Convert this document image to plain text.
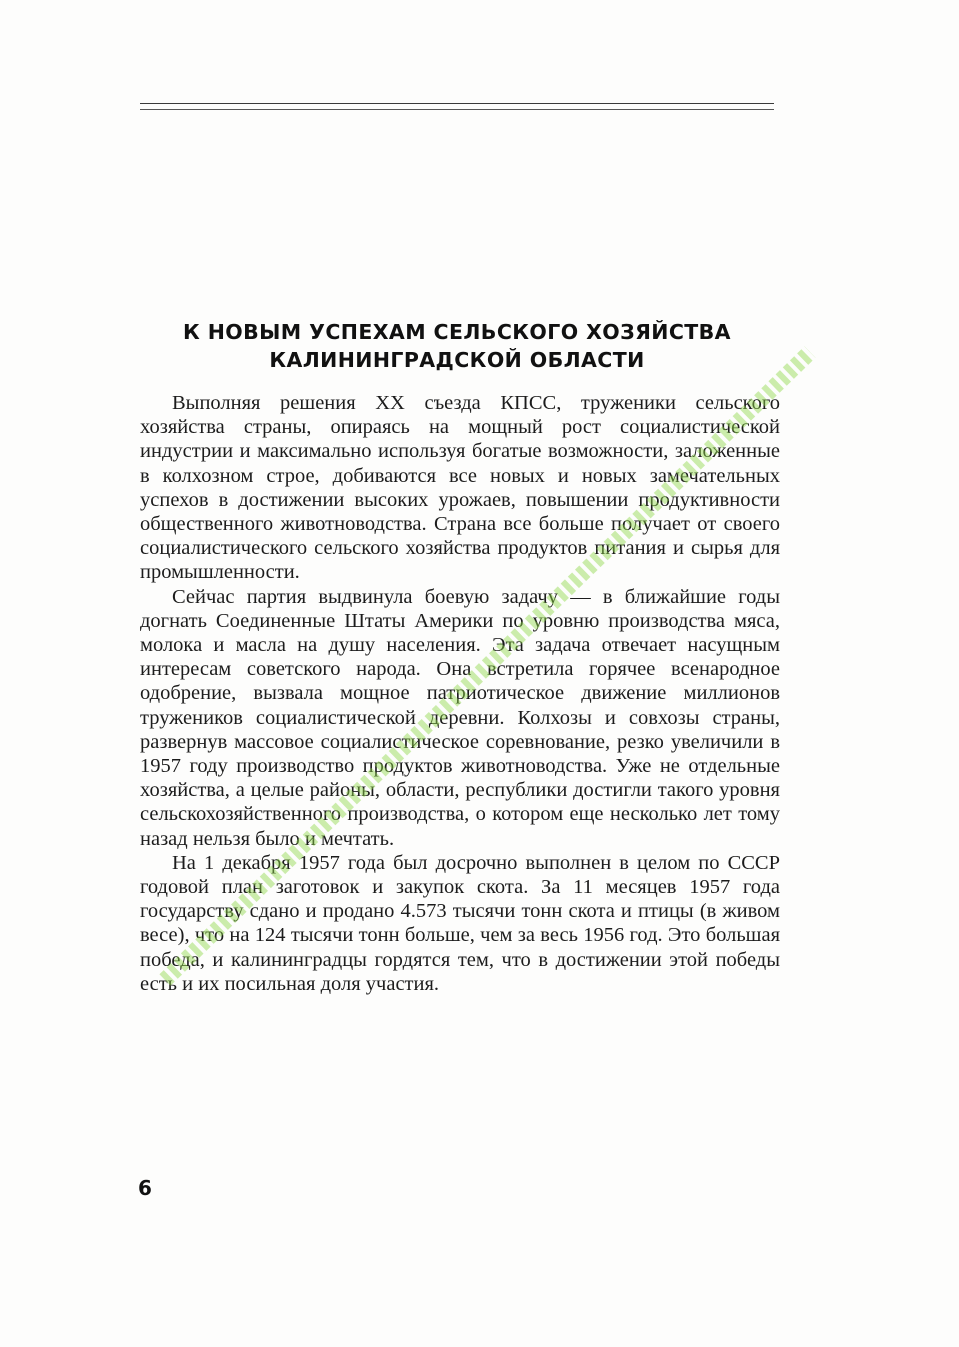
К НОВЫМ УСПЕХАМ СЕЛЬСКОГО ХОЗЯЙСТВА
КАЛИНИНГРАДСКОЙ ОБЛАСТИ

Выполняя решения XX съезда КПСС, труженики сельского хозяйства страны, опираясь на мощный рост социалистической индустрии и максимально используя богатые возможности, заложенные в колхозном строе, добиваются все новых и новых замечательных успехов в достижении высоких урожаев, повышении продуктивности общественного животноводства. Страна все больше получает от своего социалистического сельского хозяйства продуктов питания и сырья для промышленности.

Сейчас партия выдвинула боевую задачу — в ближайшие годы догнать Соединенные Штаты Америки по уровню производства мяса, молока и масла на душу населения. Эта задача отвечает насущным интересам советского народа. Она встретила горячее всенародное одобрение, вызвала мощное патриотическое движение миллионов тружеников социалистической деревни. Колхозы и совхозы страны, развернув массовое социалистическое соревнование, резко увеличили в 1957 году производство продуктов животноводства. Уже не отдельные хозяйства, а целые районы, области, республики достигли такого уровня сельскохозяйственного производства, о котором еще несколько лет тому назад нельзя было и мечтать.

На 1 декабря 1957 года был досрочно выполнен в целом по СССР годовой план заготовок и закупок скота. За 11 месяцев 1957 года государству сдано и продано 4.573 тысячи тонн скота и птицы (в живом весе), что на 124 тысячи тонн больше, чем за весь 1956 год. Это большая победа, и калининградцы гордятся тем, что в достижении этой победы есть и их посильная доля участия.

6
